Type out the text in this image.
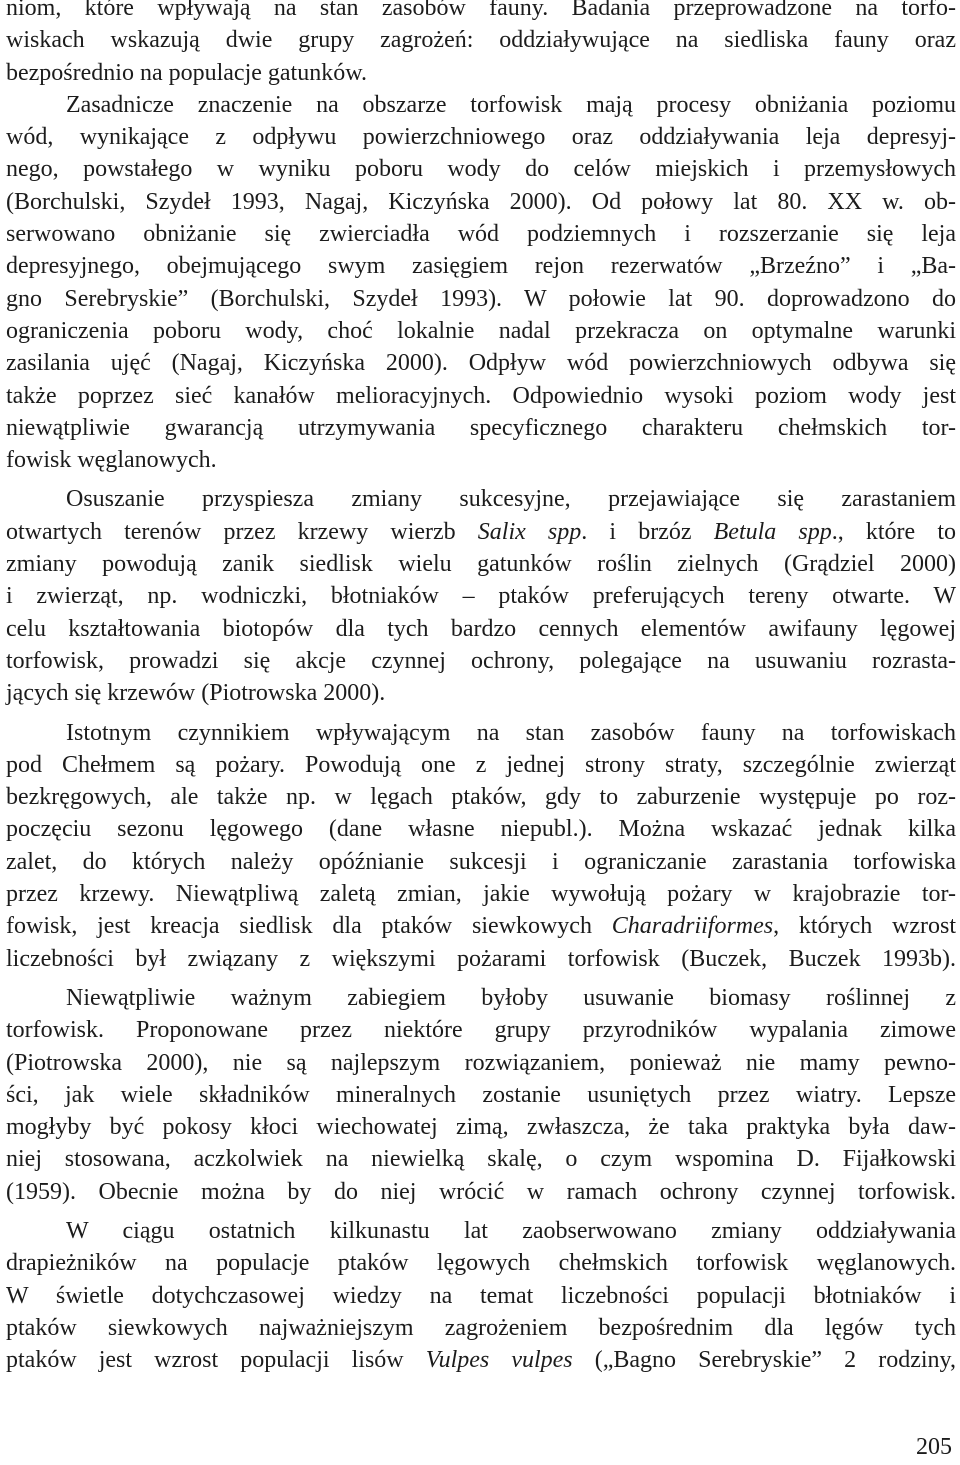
niom, które wpływają na stan zasobów fauny. Badania przeprowadzone na torfo-
wiskach wskazują dwie grupy zagrożeń: oddziaływujące na siedliska fauny oraz
bezpośrednio na populacje gatunków.

Zasadnicze znaczenie na obszarze torfowisk mają procesy obniżania poziomu
wód, wynikające z odpływu powierzchniowego oraz oddziaływania leja depresyj-
nego, powstałego w wyniku poboru wody do celów miejskich i przemysłowych
(Borchulski, Szydeł 1993, Nagaj, Kiczyńska 2000). Od połowy lat 80. XX w. ob-
serwowano obniżanie się zwierciadła wód podziemnych i rozszerzanie się leja
depresyjnego, obejmującego swym zasięgiem rejon rezerwatów „Brzeźno” i „Ba-
gno Serebryskie” (Borchulski, Szydeł 1993). W połowie lat 90. doprowadzono do
ograniczenia poboru wody, choć lokalnie nadal przekracza on optymalne warunki
zasilania ujęć (Nagaj, Kiczyńska 2000). Odpływ wód powierzchniowych odbywa się
także poprzez sieć kanałów melioracyjnych. Odpowiednio wysoki poziom wody jest
niewątpliwie gwarancją utrzymywania specyficznego charakteru chełmskich tor-
fowisk węglanowych.

Osuszanie przyspiesza zmiany sukcesyjne, przejawiające się zarastaniem
otwartych terenów przez krzewy wierzb Salix spp. i brzóz Betula spp., które to
zmiany powodują zanik siedlisk wielu gatunków roślin zielnych (Grądziel 2000)
i zwierząt, np. wodniczki, błotniaków – ptaków preferujących tereny otwarte. W
celu kształtowania biotopów dla tych bardzo cennych elementów awifauny lęgowej
torfowisk, prowadzi się akcje czynnej ochrony, polegające na usuwaniu rozrasta-
jących się krzewów (Piotrowska 2000).

Istotnym czynnikiem wpływającym na stan zasobów fauny na torfowiskach
pod Chełmem są pożary. Powodują one z jednej strony straty, szczególnie zwierząt
bezkręgowych, ale także np. w lęgach ptaków, gdy to zaburzenie występuje po roz-
poczęciu sezonu lęgowego (dane własne niepubl.). Można wskazać jednak kilka
zalet, do których należy opóźnianie sukcesji i ograniczanie zarastania torfowiska
przez krzewy. Niewątpliwą zaletą zmian, jakie wywołują pożary w krajobrazie tor-
fowisk, jest kreacja siedlisk dla ptaków siewkowych Charadriiformes, których wzrost
liczebności był związany z większymi pożarami torfowisk (Buczek, Buczek 1993b).

Niewątpliwie ważnym zabiegiem byłoby usuwanie biomasy roślinnej z
torfowisk. Proponowane przez niektóre grupy przyrodników wypalania zimowe
(Piotrowska 2000), nie są najlepszym rozwiązaniem, ponieważ nie mamy pewno-
ści, jak wiele składników mineralnych zostanie usuniętych przez wiatry. Lepsze
mogłyby być pokosy kłoci wiechowatej zimą, zwłaszcza, że taka praktyka była daw-
niej stosowana, aczkolwiek na niewielką skalę, o czym wspomina D. Fijałkowski
(1959). Obecnie można by do niej wrócić w ramach ochrony czynnej torfowisk.

W ciągu ostatnich kilkunastu lat zaobserwowano zmiany oddziaływania
drapieżników na populacje ptaków lęgowych chełmskich torfowisk węglanowych.
W świetle dotychczasowej wiedzy na temat liczebności populacji błotniaków i
ptaków siewkowych najważniejszym zagrożeniem bezpośrednim dla lęgów tych
ptaków jest wzrost populacji lisów Vulpes vulpes („Bagno Serebryskie” 2 rodziny,

205
